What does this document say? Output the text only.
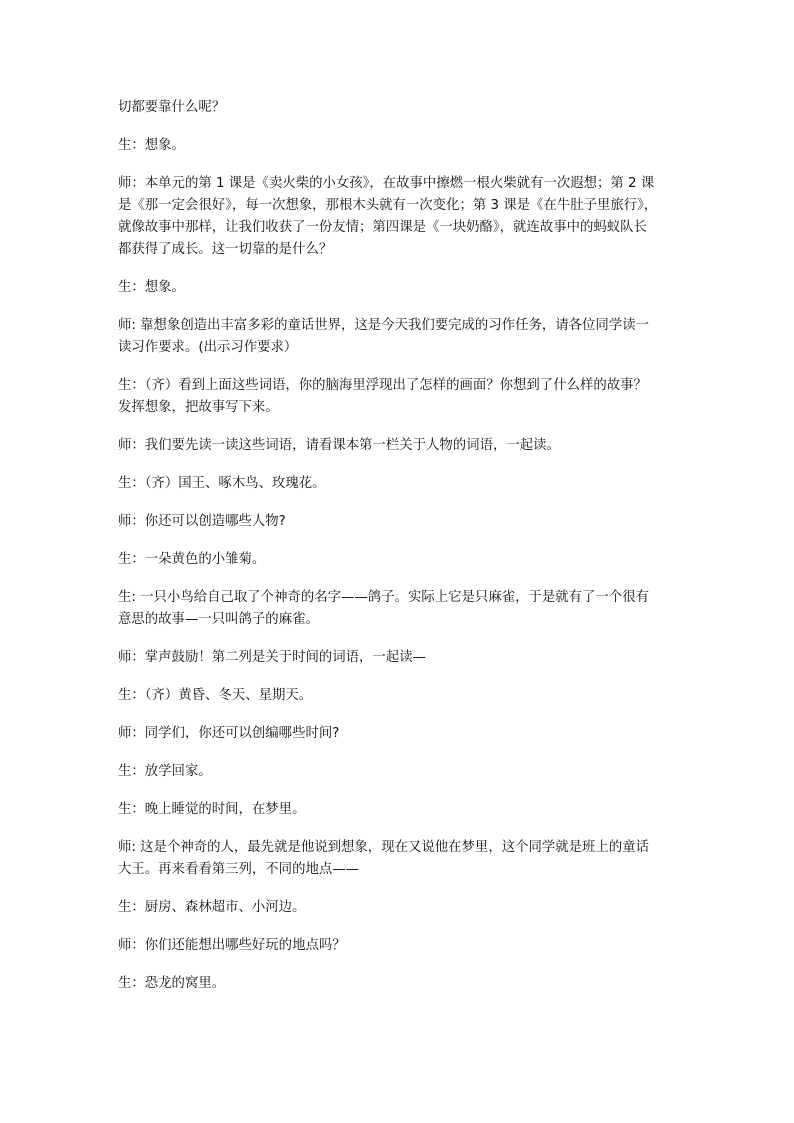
切都要靠什么呢？

生：想象。

师：本单元的第 1 课是《卖火柴的小女孩》，在故事中擦燃一根火柴就有一次遐想；第 2 课
是《那一定会很好》，每一次想象，那根木头就有一次变化；第 3 课是《在牛肚子里旅行》，
就像故事中那样，让我们收获了一份友情；第四课是《一块奶酪》，就连故事中的蚂蚁队长
都获得了成长。这一切靠的是什么？

生：想象。

师: 靠想象创造出丰富多彩的童话世界，这是今天我们要完成的习作任务，请各位同学读一
读习作要求。(出示习作要求）

生：（齐）看到上面这些词语，你的脑海里浮现出了怎样的画面？你想到了什么样的故事？
发挥想象，把故事写下来。

师：我们要先读一读这些词语，请看课本第一栏关于人物的词语，一起读。

生：（齐）国王、啄木鸟、玫瑰花。

师：你还可以创造哪些人物?

生：一朵黄色的小雏菊。

生: 一只小鸟给自己取了个神奇的名字——鸽子。实际上它是只麻雀，于是就有了一个很有
意思的故事—一只叫鸽子的麻雀。

师：掌声鼓励！第二列是关于时间的词语，一起读—

生：（齐）黄昏、冬天、星期天。

师：同学们，你还可以创编哪些时间?

生：放学回家。

生：晚上睡觉的时间，在梦里。

师: 这是个神奇的人，最先就是他说到想象，现在又说他在梦里，这个同学就是班上的童话
大王。再来看看第三列，不同的地点——

生：厨房、森林超市、小河边。

师：你们还能想出哪些好玩的地点吗？

生：恐龙的窝里。
